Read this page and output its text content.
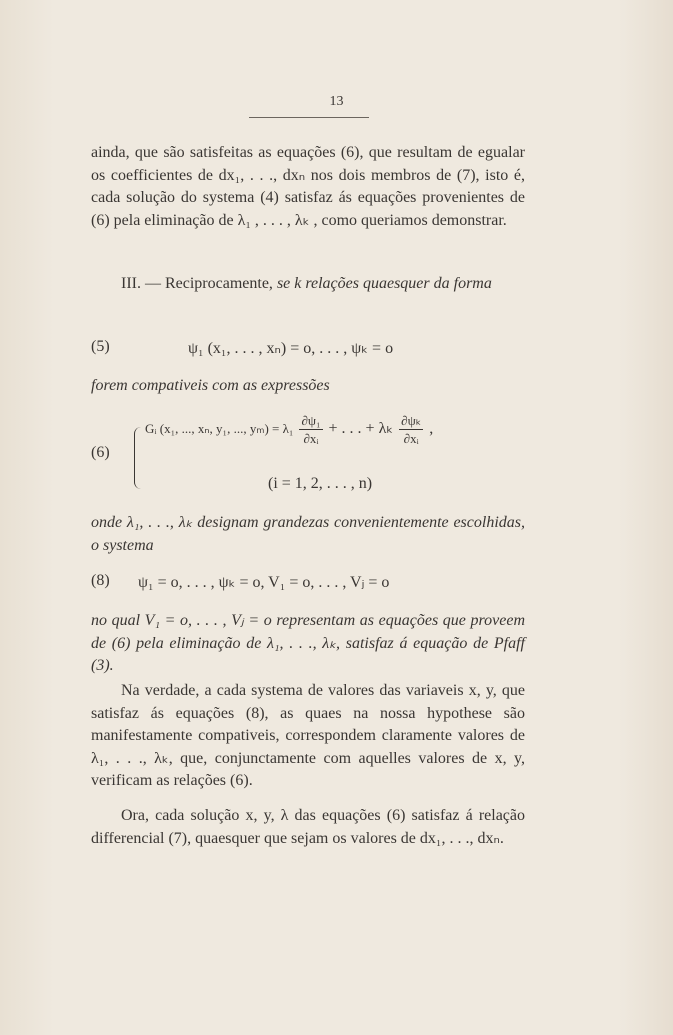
13

ainda, que são satisfeitas as equações (6), que resultam de egualar os coefficientes de dx₁, . . ., dxₙ nos dois membros de (7), isto é, cada solução do systema (4) satisfaz ás equações provenientes de (6) pela eliminação de λ₁ , . . . , λₖ , como queriamos demonstrar.

III. — Reciprocamente, se k relações quaesquer da forma

(5)	ψ₁ (x₁, . . . , xₙ) = o, . . . , ψₖ = o
forem compativeis com as expressões
(6)
Gᵢ (x₁, ..., xₙ, y₁, ..., $y_m) = \lambda_1 \frac{\text{∂ψ₁}}{\text{∂xᵢ}}$ + . . . + λₖ $\frac{\text{∂ψₖ}}{\text{∂xᵢ}}$ ,
(i = 1, 2, . . . , n)
onde λ₁, . . ., λₖ designam grandezas convenientemente escolhidas, o systema
(8) ψ₁ = o, . . . , ψₖ = o, V₁ = o, . . . , Vⱼ = o
no qual V₁ = o, . . . , Vⱼ = o representam as equações que proveem de (6) pela eliminação de λ₁, . . ., λₖ, satisfaz á equação de Pfaff (3).
Na verdade, a cada systema de valores das variaveis x, y, que satisfaz ás equações (8), as quaes na nossa hypothese são manifestamente compativeis, correspondem claramente valores de λ₁, . . ., λₖ, que, conjunctamente com aquelles valores de x, y, verificam as relações (6).
Ora, cada solução x, y, λ das equações (6) satisfaz á relação differencial (7), quaesquer que sejam os valores de dx₁, . . ., dxₙ.
